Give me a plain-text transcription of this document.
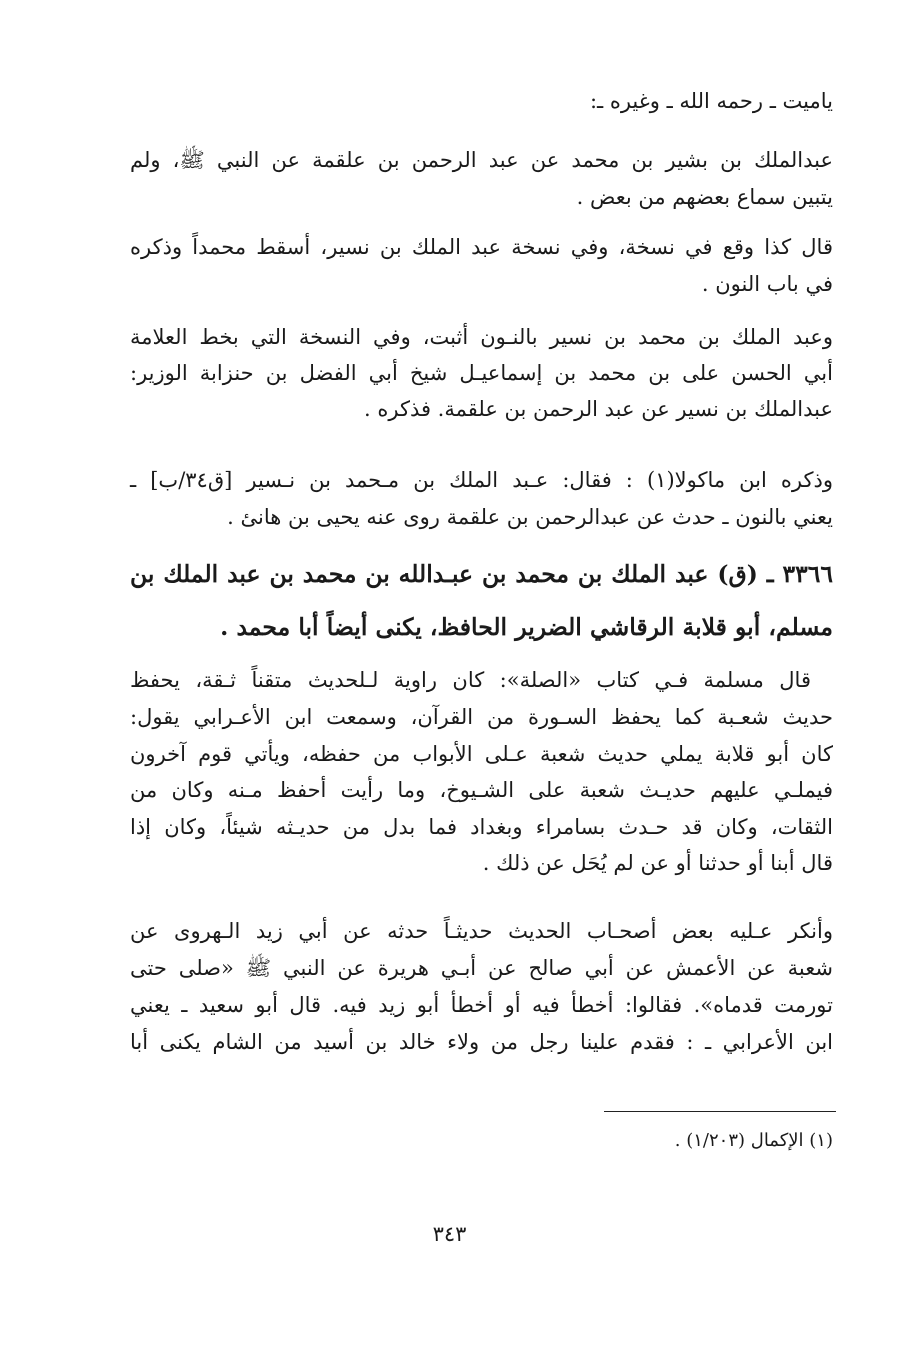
ياميت ـ رحمه الله ـ وغيره ـ:
عبدالملك بن بشير بن محمد عن عبد الرحمن بن علقمة عن النبي ﷺ، ولم
يتبين سماع بعضهم من بعض .
قال كذا وقع في نسخة، وفي نسخة عبد الملك بن نسير، أسقط محمداً وذكره
في باب النون .
وعبد الملك بن محمد بن نسير بالنـون أثبت، وفي النسخة التي بخط العلامة
أبي الحسن على بن محمد بن إسماعيـل شيخ أبي الفضل بن حنزابة الوزير:
عبدالملك بن نسير عن عبد الرحمن بن علقمة. فذكره .
وذكره ابن ماكولا(١) : فقال: عـبد الملك بن مـحمد بن نـسير [ق٣٤/ب] ـ
يعني بالنون ـ حدث عن عبدالرحمن بن علقمة روى عنه يحيى بن هانئ .
٣٣٦٦ ـ (ق) عبد الملك بن محمد بن عبـدالله بن محمد بن عبد الملك بن
مسلم، أبو قلابة الرقاشي الضرير الحافظ، يكنى أيضاً أبا محمد .
قال مسلمة فـي كتاب «الصلة»: كان راوية لـلحديث متقناً ثـقة، يحفظ
حديث شعـبة كما يحفظ السـورة من القرآن، وسمعت ابن الأعـرابي يقول:
كان أبو قلابة يملي حديث شعبة عـلى الأبواب من حفظه، ويأتي قوم آخرون
فيملـي عليهم حديـث شعبة على الشـيوخ، وما رأيت أحفظ مـنه وكان من
الثقات، وكان قد حـدث بسامراء وبغداد فما بدل من حديـثه شيئاً، وكان إذا
قال أبنا أو حدثنا أو عن لم يُحَل عن ذلك .
وأنكر عـليه بعض أصحـاب الحديث حديثـاً حدثه عن أبي زيد الـهروى عن
شعبة عن الأعمش عن أبي صالح عن أبـي هريرة عن النبي ﷺ «صلى حتى
تورمت قدماه». فقالوا: أخطأ فيه أو أخطأ أبو زيد فيه. قال أبو سعيد ـ يعني
ابن الأعرابي ـ : فقدم علينا رجل من ولاء خالد بن أسيد من الشام يكنى أبا
(١) الإكمال (١/٢٠٣) .
٣٤٣
